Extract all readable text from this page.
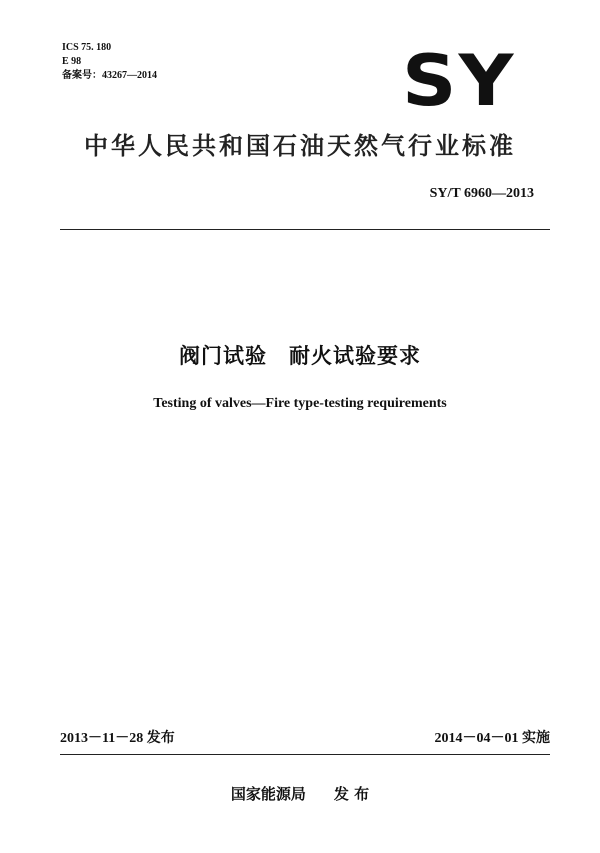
ICS 75. 180
E 98
备案号：43267—2014	SY
中华人民共和国石油天然气行业标准
SY/T 6960—2013
阀门试验 耐火试验要求
Testing of valves—Fire type-testing requirements
2013－11－28 发布	2014－04－01 实施
国家能源局 发 布
